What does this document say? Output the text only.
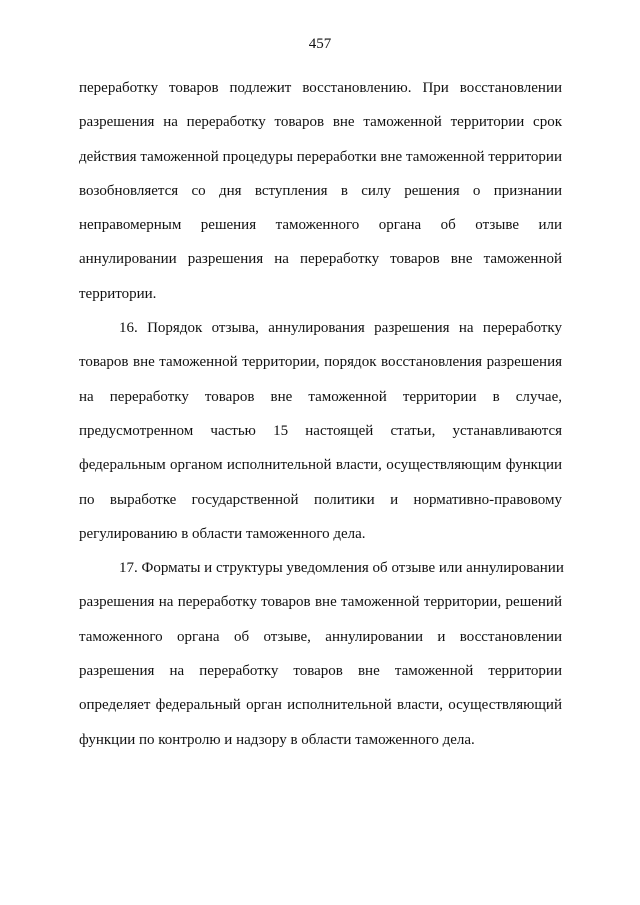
457

переработку товаров подлежит восстановлению. При восстановлении
разрешения на переработку товаров вне таможенной территории срок
действия таможенной процедуры переработки вне таможенной территории
возобновляется со дня вступления в силу решения о признании
неправомерным решения таможенного органа об отзыве или
аннулировании разрешения на переработку товаров вне таможенной
территории.

16. Порядок отзыва, аннулирования разрешения на переработку
товаров вне таможенной территории, порядок восстановления разрешения
на переработку товаров вне таможенной территории в случае,
предусмотренном частью 15 настоящей статьи, устанавливаются
федеральным органом исполнительной власти, осуществляющим функции
по выработке государственной политики и нормативно-правовому
регулированию в области таможенного дела.

17. Форматы и структуры уведомления об отзыве или аннулировании
разрешения на переработку товаров вне таможенной территории, решений
таможенного органа об отзыве, аннулировании и восстановлении
разрешения на переработку товаров вне таможенной территории
определяет федеральный орган исполнительной власти, осуществляющий
функции по контролю и надзору в области таможенного дела.
